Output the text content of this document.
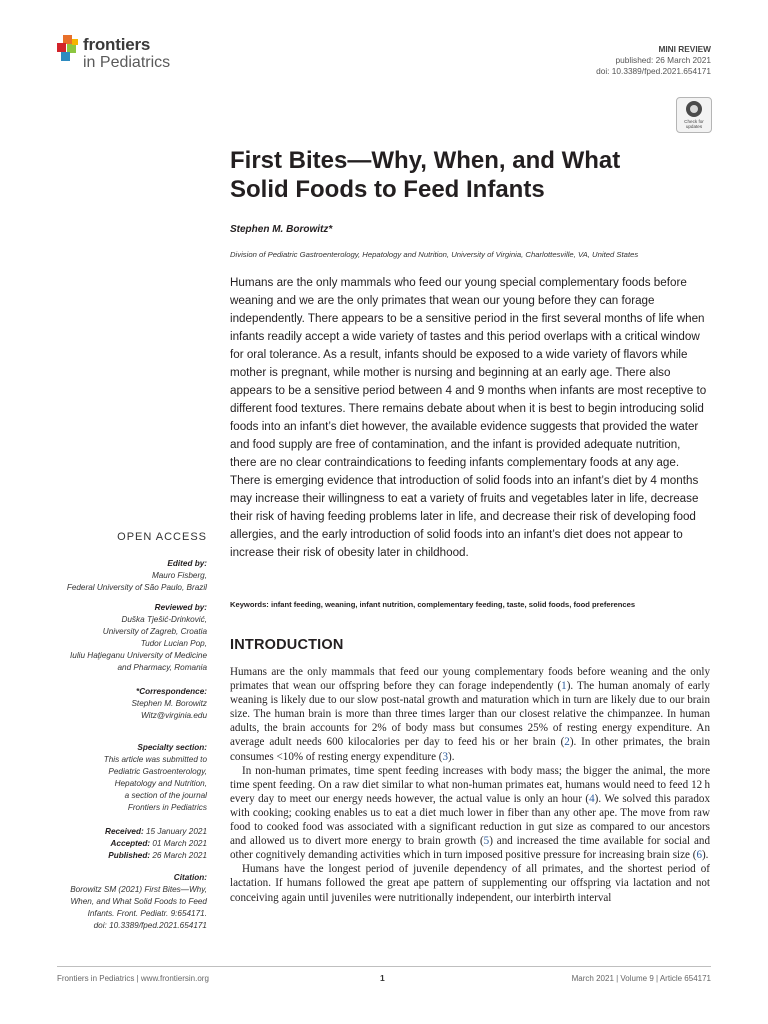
frontiers
in Pediatrics
MINI REVIEW
published: 26 March 2021
doi: 10.3389/fped.2021.654171
Check for
updates
First Bites—Why, When, and What
Solid Foods to Feed Infants
Stephen M. Borowitz*
Division of Pediatric Gastroenterology, Hepatology and Nutrition, University of Virginia, Charlottesville, VA, United States

Humans are the only mammals who feed our young special complementary foods before weaning and we are the only primates that wean our young before they can forage independently. There appears to be a sensitive period in the first several months of life when infants readily accept a wide variety of tastes and this period overlaps with a critical window for oral tolerance. As a result, infants should be exposed to a wide variety of flavors while mother is pregnant, while mother is nursing and beginning at an early age. There also appears to be a sensitive period between 4 and 9 months when infants are most receptive to different food textures. There remains debate about when it is best to begin introducing solid foods into an infant’s diet however, the available evidence suggests that provided the water and food supply are free of contamination, and the infant is provided adequate nutrition, there are no clear contraindications to feeding infants complementary foods at any age. There is emerging evidence that introduction of solid foods into an infant’s diet by 4 months may increase their willingness to eat a variety of fruits and vegetables later in life, decrease their risk of having feeding problems later in life, and decrease their risk of developing food allergies, and the early introduction of solid foods into an infant’s diet does not appear to increase their risk of obesity later in childhood.

Keywords: infant feeding, weaning, infant nutrition, complementary feeding, taste, solid foods, food preferences
INTRODUCTION
Humans are the only mammals that feed our young complementary foods before weaning and the only primates that wean our offspring before they can forage independently (1). The human anomaly of early weaning is likely due to our slow post-natal growth and maturation which in turn are likely due to our brain size. The human brain is more than three times larger than our closest relative the chimpanzee. In human adults, the brain accounts for 2% of body mass but consumes 25% of resting energy expenditure. An average adult needs 600 kilocalories per day to feed his or her brain (2). In other primates, the brain consumes <10% of resting energy expenditure (3).
In non-human primates, time spent feeding increases with body mass; the bigger the animal, the more time spent feeding. On a raw diet similar to what non-human primates eat, humans would need to feed 12 h every day to meet our energy needs however, the actual value is only an hour (4). We solved this paradox with cooking; cooking enables us to eat a diet much lower in fiber than any other ape. The move from raw food to cooked food was associated with a significant reduction in gut size as compared to our ancestors and allowed us to divert more energy to brain growth (5) and increased the time available for social and other cognitively demanding activities which in turn imposed positive pressure for increasing brain size (6).
Humans have the longest period of juvenile dependency of all primates, and the shortest period of lactation. If humans followed the great ape pattern of supplementing our offspring via lactation and not conceiving again until juveniles were nutritionally independent, our interbirth interval
OPEN ACCESS
Edited by:
Mauro Fisberg,
Federal University of São Paulo, Brazil
Reviewed by:
Duška Tješić-Drinković,
University of Zagreb, Croatia
Tudor Lucian Pop,
Iuliu Haţieganu University of Medicine
and Pharmacy, Romania
*Correspondence:
Stephen M. Borowitz
Witz@virginia.edu
Specialty section:
This article was submitted to
Pediatric Gastroenterology,
Hepatology and Nutrition,
a section of the journal
Frontiers in Pediatrics
Received: 15 January 2021
Accepted: 01 March 2021
Published: 26 March 2021
Citation:
Borowitz SM (2021) First Bites—Why,
When, and What Solid Foods to Feed
Infants. Front. Pediatr. 9:654171.
doi: 10.3389/fped.2021.654171
Frontiers in Pediatrics | www.frontiersin.org	1	March 2021 | Volume 9 | Article 654171
